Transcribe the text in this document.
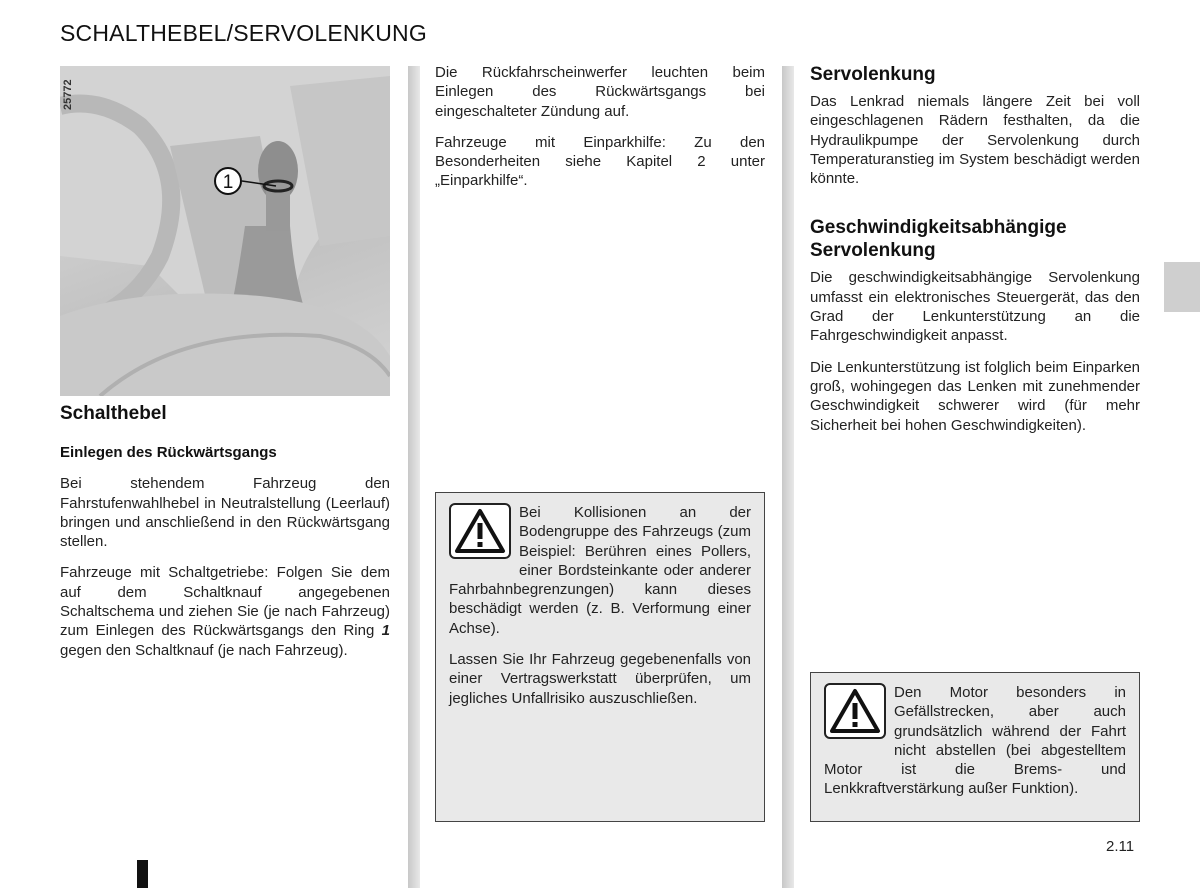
SCHALTHEBEL/SERVOLENKUNG
1
25772
Schalthebel
Einlegen des Rückwärtsgangs

Bei stehendem Fahrzeug den Fahrstufenwahlhebel in Neutralstellung (Leerlauf) bringen und anschließend in den Rückwärtsgang stellen.

Fahrzeuge mit Schaltgetriebe: Folgen Sie dem auf dem Schaltknauf angegebenen Schaltschema und ziehen Sie (je nach Fahrzeug) zum Einlegen des Rückwärtsgangs den Ring 1 gegen den Schaltknauf (je nach Fahrzeug).

Die Rückfahrscheinwerfer leuchten beim Einlegen des Rückwärtsgangs bei eingeschalteter Zündung auf.

Fahrzeuge mit Einparkhilfe: Zu den Besonderheiten siehe Kapitel 2 unter „Einparkhilfe“.

Bei Kollisionen an der Bodengruppe des Fahrzeugs (zum Beispiel: Berühren eines Pollers, einer Bordsteinkante oder anderer Fahrbahnbegrenzungen) kann dieses beschädigt werden (z. B. Verformung einer Achse).

Lassen Sie Ihr Fahrzeug gegebenenfalls von einer Vertragswerkstatt überprüfen, um jegliches Unfallrisiko auszuschließen.

Servolenkung

Das Lenkrad niemals längere Zeit bei voll eingeschlagenen Rädern festhalten, da die Hydraulikpumpe der Servolenkung durch Temperaturanstieg im System beschädigt werden könnte.

Geschwindigkeitsabhängige Servolenkung

Die geschwindigkeitsabhängige Servolenkung umfasst ein elektronisches Steuergerät, das den Grad der Lenkunterstützung an die Fahrgeschwindigkeit anpasst.

Die Lenkunterstützung ist folglich beim Einparken groß, wohingegen das Lenken mit zunehmender Geschwindigkeit schwerer wird (für mehr Sicherheit bei hohen Geschwindigkeiten).

Den Motor besonders in Gefällstrecken, aber auch grundsätzlich während der Fahrt nicht abstellen (bei abgestelltem Motor ist die Brems- und Lenkkraftverstärkung außer Funktion).

2.11
